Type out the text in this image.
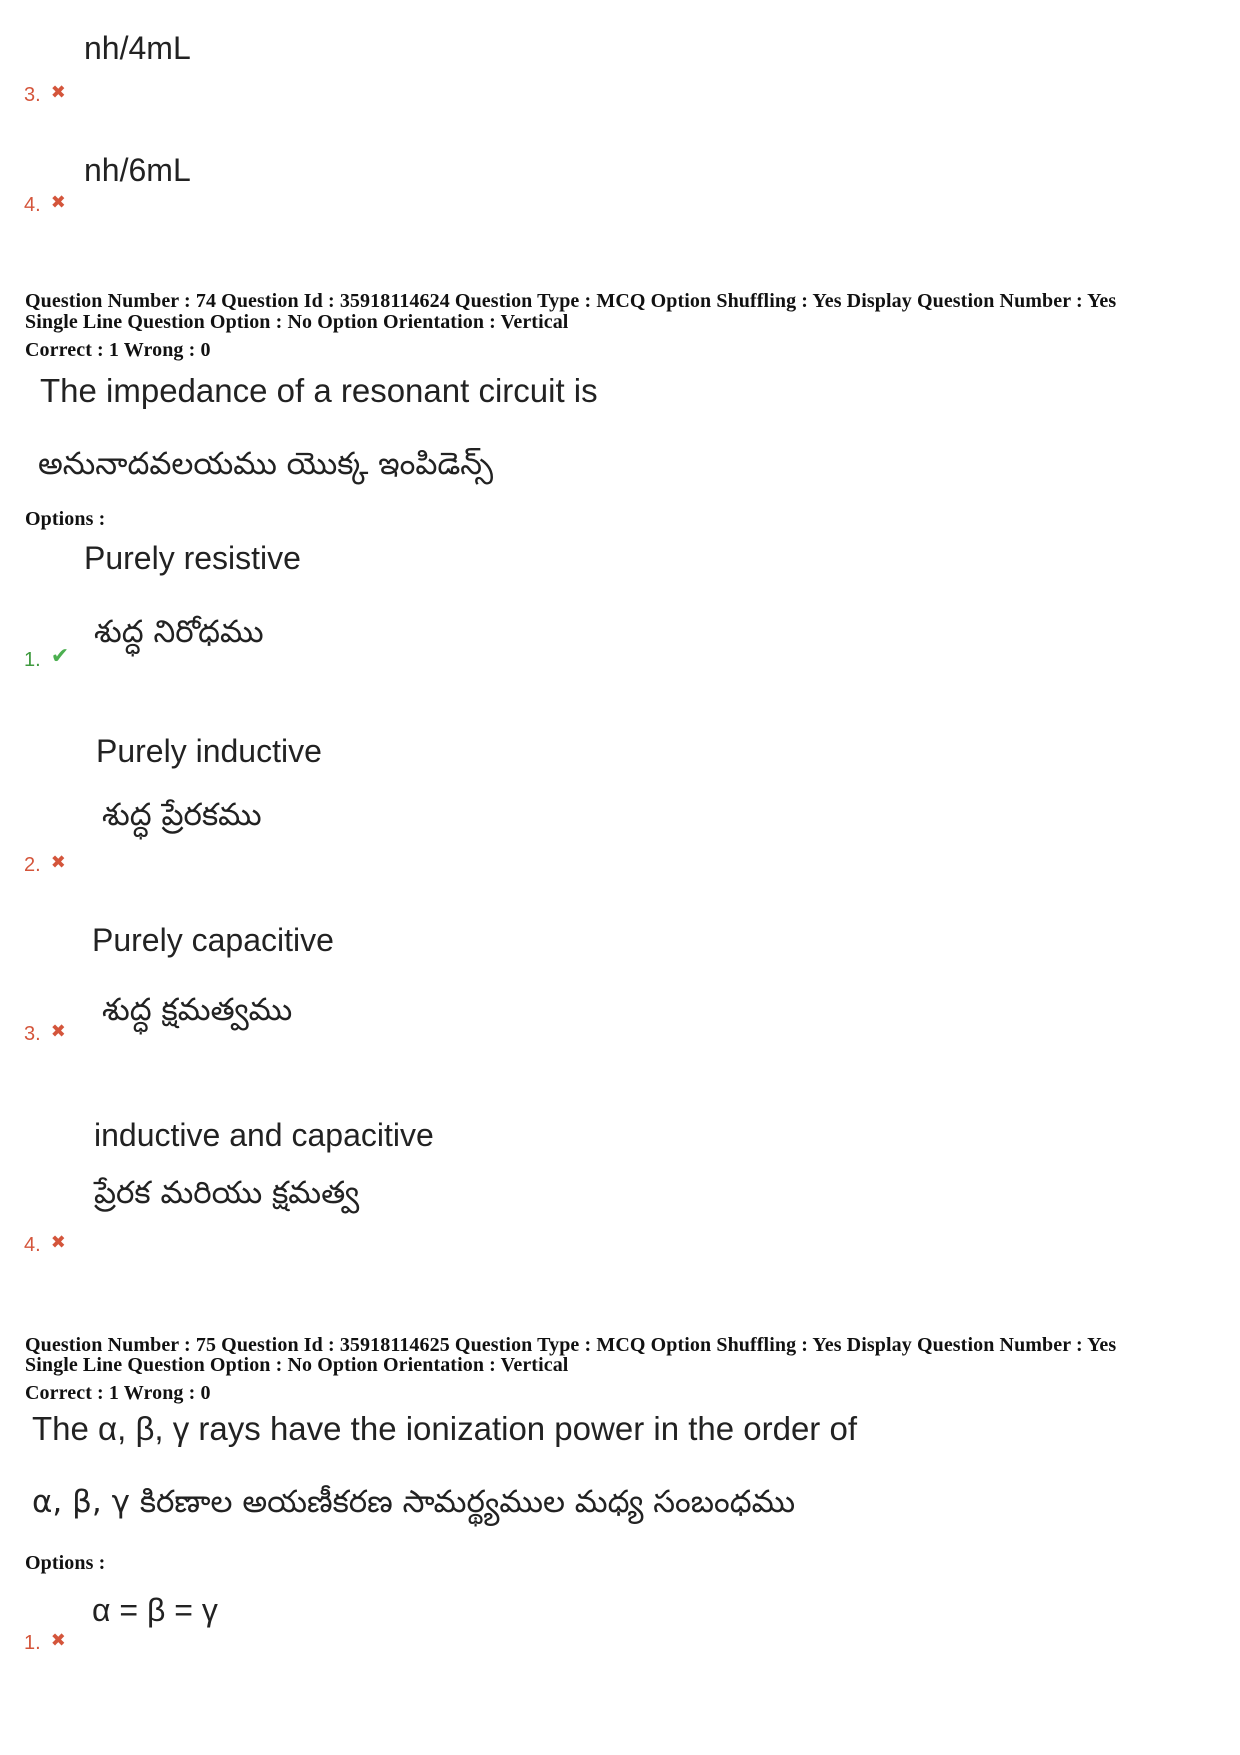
nh/4mL
3. ✖
nh/6mL
4. ✖
Question Number : 74 Question Id : 35918114624 Question Type : MCQ Option Shuffling : Yes Display Question Number : Yes
Single Line Question Option : No Option Orientation : Vertical
Correct : 1 Wrong : 0
The impedance of a resonant circuit is
అనునాదవలయము యొక్క ఇంపిడెన్స్
Options :
Purely resistive
శుద్ధ నిరోధము
1. ✔
Purely inductive
శుద్ధ ప్రేరకము
2. ✖
Purely capacitive
శుద్ధ క్షమత్వము
3. ✖
inductive and capacitive
ప్రేరక మరియు క్షమత్వ
4. ✖
Question Number : 75 Question Id : 35918114625 Question Type : MCQ Option Shuffling : Yes Display Question Number : Yes
Single Line Question Option : No Option Orientation : Vertical
Correct : 1 Wrong : 0
The α, β, γ rays have the ionization power in the order of
α, β, γ కిరణాల అయణీకరణ సామర్థ్యముల మధ్య సంబంధము
Options :
α = β = γ
1. ✖
